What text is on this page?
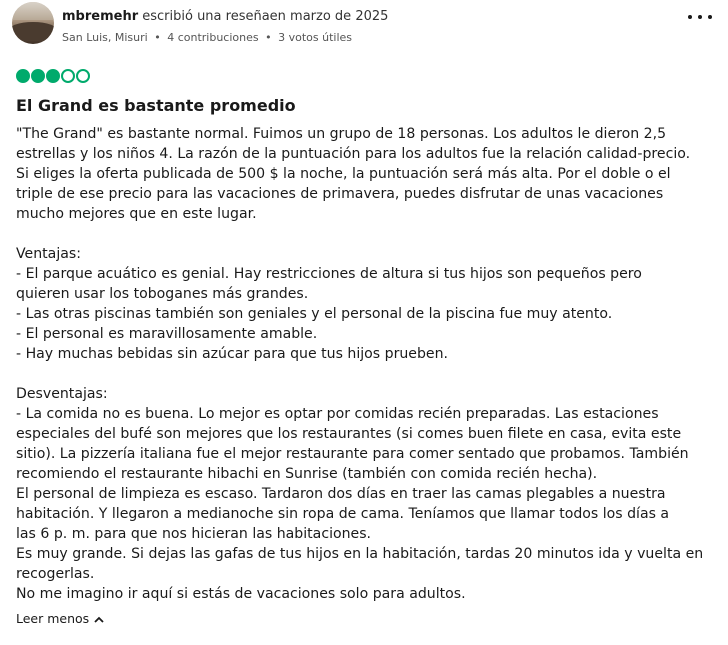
mbremehr escribió una reseñaen marzo de 2025
San Luis, Misuri • 4 contribuciones • 3 votos útiles
El Grand es bastante promedio

"The Grand" es bastante normal. Fuimos un grupo de 18 personas. Los adultos le dieron 2,5

estrellas y los niños 4. La razón de la puntuación para los adultos fue la relación calidad-precio.

Si eliges la oferta publicada de 500 $ la noche, la puntuación será más alta. Por el doble o el

triple de ese precio para las vacaciones de primavera, puedes disfrutar de unas vacaciones

mucho mejores que en este lugar.

Ventajas:

- El parque acuático es genial. Hay restricciones de altura si tus hijos son pequeños pero

quieren usar los toboganes más grandes.

- Las otras piscinas también son geniales y el personal de la piscina fue muy atento.

- El personal es maravillosamente amable.

- Hay muchas bebidas sin azúcar para que tus hijos prueben.

Desventajas:

- La comida no es buena. Lo mejor es optar por comidas recién preparadas. Las estaciones

especiales del bufé son mejores que los restaurantes (si comes buen filete en casa, evita este

sitio). La pizzería italiana fue el mejor restaurante para comer sentado que probamos. También

recomiendo el restaurante hibachi en Sunrise (también con comida recién hecha).

El personal de limpieza es escaso. Tardaron dos días en traer las camas plegables a nuestra

habitación. Y llegaron a medianoche sin ropa de cama. Teníamos que llamar todos los días a

las 6 p. m. para que nos hicieran las habitaciones.

Es muy grande. Si dejas las gafas de tus hijos en la habitación, tardas 20 minutos ida y vuelta en

recogerlas.

No me imagino ir aquí si estás de vacaciones solo para adultos.

Leer menos
